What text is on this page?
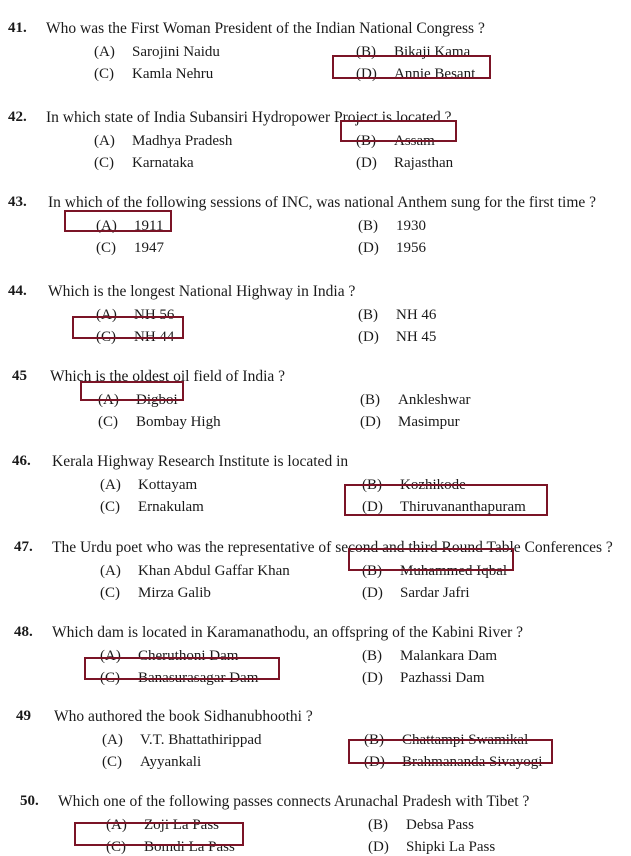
41. Who was the First Woman President of the Indian National Congress ?
(A) Sarojini Naidu	(B) Bikaji Kama
(C) Kamla Nehru	(D) Annie Besant
42. In which state of India Subansiri Hydropower Project is located ?
(A) Madhya Pradesh	(B) Assam
(C) Karnataka	(D) Rajasthan
43. In which of the following sessions of INC, was national Anthem sung for the first time ?
(A) 1911	(B) 1930
(C) 1947	(D) 1956
44. Which is the longest National Highway in India ?
(A) NH 56	(B) NH 46
(C) NH 44	(D) NH 45
45 Which is the oldest oil field of India ?
(A) Digboi	(B) Ankleshwar
(C) Bombay High	(D) Masimpur
46. Kerala Highway Research Institute is located in
(A) Kottayam	(B) Kozhikode
(C) Ernakulam	(D) Thiruvananthapuram
47. The Urdu poet who was the representative of second and third Round Table Conferences ?
(A) Khan Abdul Gaffar Khan	(B) Muhammed Iqbal
(C) Mirza Galib	(D) Sardar Jafri
48. Which dam is located in Karamanathodu, an offspring of the Kabini River ?
(A) Cheruthoni Dam	(B) Malankara Dam
(C) Banasurasagar Dam	(D) Pazhassi Dam
49 Who authored the book Sidhanubhoothi ?
(A) V.T. Bhattathirippad	(B) Chattampi Swamikal
(C) Ayyankali	(D) Brahmananda Sivayogi
50. Which one of the following passes connects Arunachal Pradesh with Tibet ?
(A) Zoji La Pass	(B) Debsa Pass
(C) Bomdi La Pass	(D) Shipki La Pass
